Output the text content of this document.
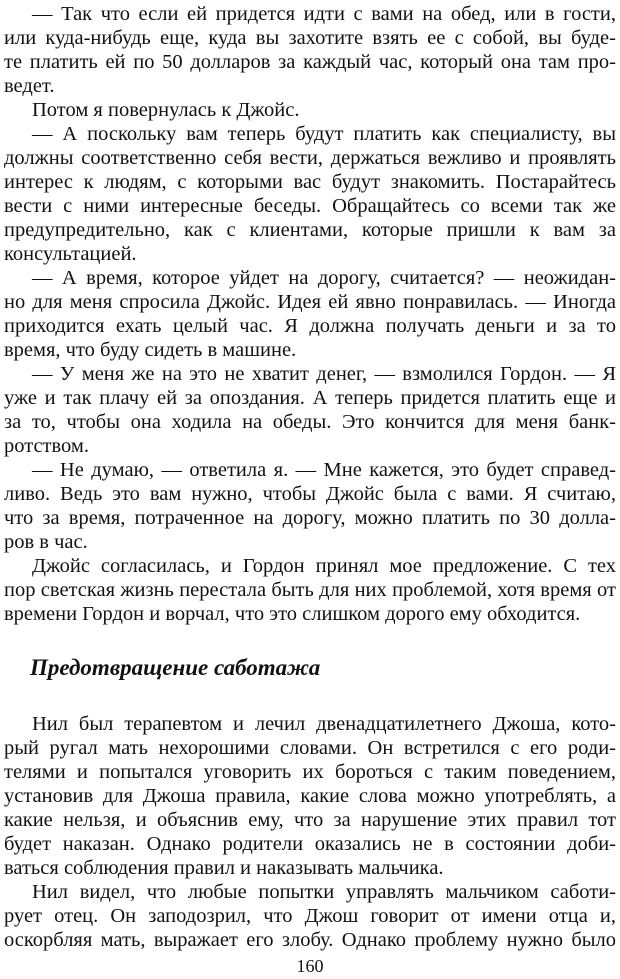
— Так что если ей придется идти с вами на обед, или в гости,
или куда-нибудь еще, куда вы захотите взять ее с собой, вы буде-
те платить ей по 50 долларов за каждый час, который она там про-
ведет.
Потом я повернулась к Джойс.
— А поскольку вам теперь будут платить как специалисту, вы
должны соответственно себя вести, держаться вежливо и проявлять
интерес к людям, с которыми вас будут знакомить. Постарайтесь
вести с ними интересные беседы. Обращайтесь со всеми так же
предупредительно, как с клиентами, которые пришли к вам за
консультацией.
— А время, которое уйдет на дорогу, считается? — неожидан-
но для меня спросила Джойс. Идея ей явно понравилась. — Иногда
приходится ехать целый час. Я должна получать деньги и за то
время, что буду сидеть в машине.
— У меня же на это не хватит денег, — взмолился Гордон. — Я
уже и так плачу ей за опоздания. А теперь придется платить еще и
за то, чтобы она ходила на обеды. Это кончится для меня банк-
ротством.
— Не думаю, — ответила я. — Мне кажется, это будет справед-
ливо. Ведь это вам нужно, чтобы Джойс была с вами. Я считаю,
что за время, потраченное на дорогу, можно платить по 30 долла-
ров в час.
Джойс согласилась, и Гордон принял мое предложение. С тех
пор светская жизнь перестала быть для них проблемой, хотя время от
времени Гордон и ворчал, что это слишком дорого ему обходится.
Предотвращение саботажа
Нил был терапевтом и лечил двенадцатилетнего Джоша, кото-
рый ругал мать нехорошими словами. Он встретился с его роди-
телями и попытался уговорить их бороться с таким поведением,
установив для Джоша правила, какие слова можно употреблять, а
какие нельзя, и объяснив ему, что за нарушение этих правил тот
будет наказан. Однако родители оказались не в состоянии доби-
ваться соблюдения правил и наказывать мальчика.
Нил видел, что любые попытки управлять мальчиком саботи-
рует отец. Он заподозрил, что Джош говорит от имени отца и,
оскорбляя мать, выражает его злобу. Однако проблему нужно было
160
